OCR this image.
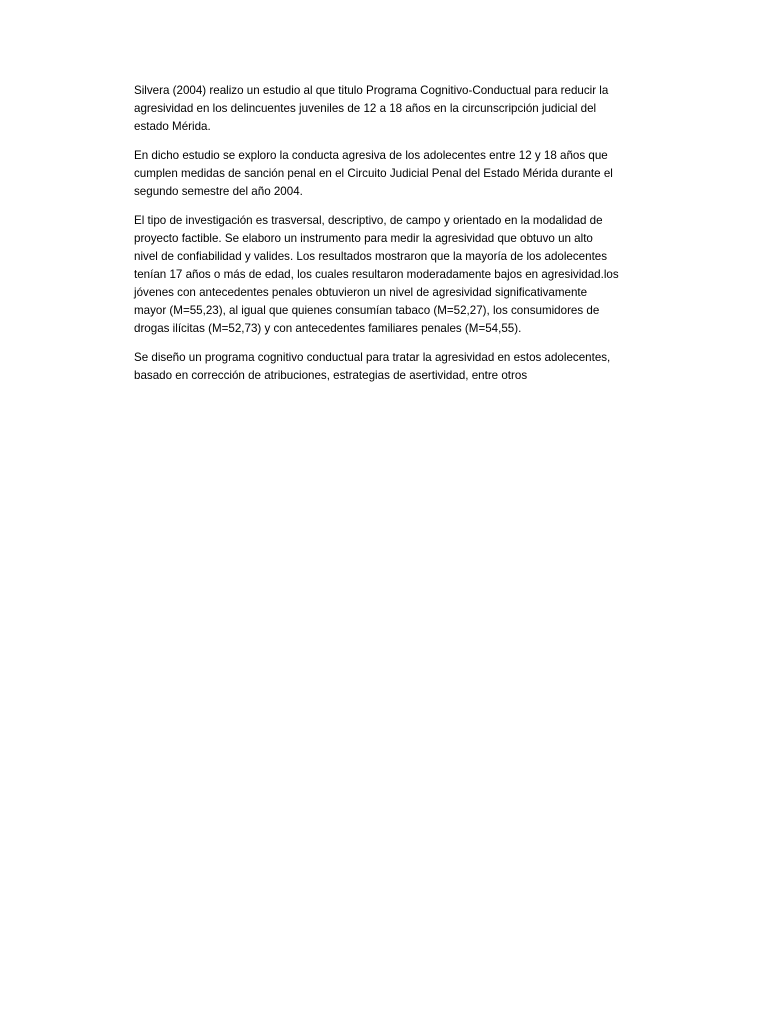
Silvera (2004) realizo un estudio al que titulo Programa Cognitivo-Conductual para reducir la
agresividad en los delincuentes juveniles de 12 a 18 años en la circunscripción judicial del
estado Mérida.

En dicho estudio se exploro la conducta agresiva de los adolecentes entre 12 y 18 años que
cumplen medidas de sanción penal en el Circuito Judicial Penal del Estado Mérida durante el
segundo semestre del año 2004.

El tipo de investigación es trasversal, descriptivo, de campo y orientado en la modalidad de
proyecto factible. Se elaboro un instrumento para medir la agresividad que obtuvo un alto
nivel de confiabilidad y valides. Los resultados mostraron que la mayoría de los adolecentes
tenían 17 años o más de edad, los cuales resultaron moderadamente bajos en agresividad.los
jóvenes con antecedentes penales obtuvieron un nivel de agresividad significativamente
mayor (M=55,23), al igual que quienes consumían tabaco (M=52,27), los consumidores de
drogas ilícitas (M=52,73) y con antecedentes familiares penales (M=54,55).

Se diseño un programa cognitivo conductual para tratar la agresividad en estos adolecentes,
basado en corrección de atribuciones, estrategias de asertividad, entre otros
